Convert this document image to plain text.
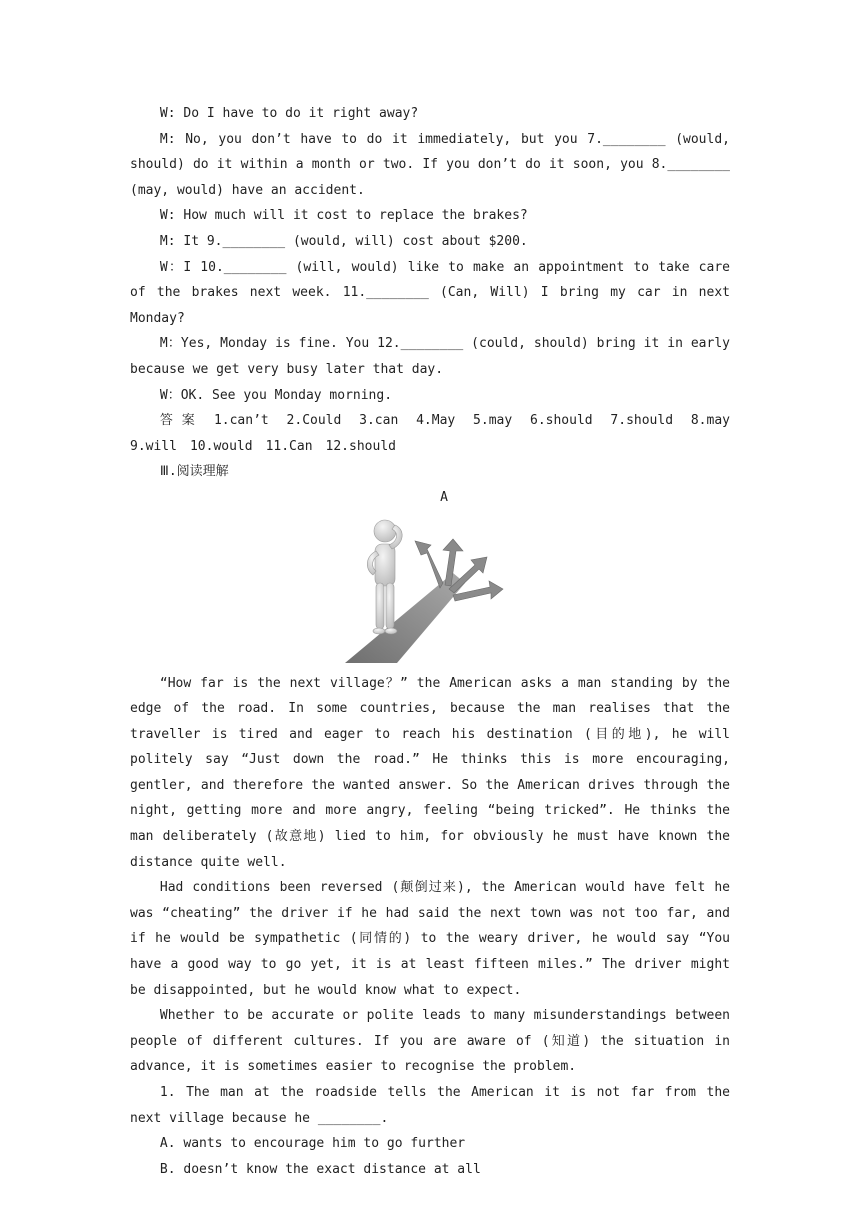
W: Do I have to do it right away?

M: No, you don’t have to do it immediately, but you 7.________ (would, should) do it within a month or two. If you don’t do it soon, you 8.________ (may, would) have an accident.

W: How much will it cost to replace the brakes?

M: It 9.________ (would, will) cost about $200.

W：I 10.________ (will, would) like to make an appointment to take care of the brakes next week. 11.________ (Can, Will) I bring my car in next Monday?

M：Yes, Monday is fine. You 12.________ (could, should) bring it in early because we get very busy later that day.

W：OK. See you Monday morning.

答案 1.can’t　2.Could　3.can　4.May　5.may　6.should　7.should　8.may　9.will　10.would　11.Can　12.should

Ⅲ.阅读理解

A

“How far is the next village？” the American asks a man standing by the edge of the road. In some countries, because the man realises that the traveller is tired and eager to reach his destination (目的地), he will politely say “Just down the road.” He thinks this is more encouraging, gentler, and therefore the wanted answer. So the American drives through the night, getting more and more angry, feeling “being tricked”. He thinks the man deliberately (故意地) lied to him, for obviously he must have known the distance quite well.

Had conditions been reversed (颠倒过来), the American would have felt he was “cheating” the driver if he had said the next town was not too far, and if he would be sympathetic (同情的) to the weary driver, he would say “You have a good way to go yet, it is at least fifteen miles.” The driver might be disappointed, but he would know what to expect.

Whether to be accurate or polite leads to many misunderstandings between people of different cultures. If you are aware of (知道) the situation in advance, it is sometimes easier to recognise the problem.

1. The man at the roadside tells the American it is not far from the next village because he ________.

A. wants to encourage him to go further

B. doesn’t know the exact distance at all
